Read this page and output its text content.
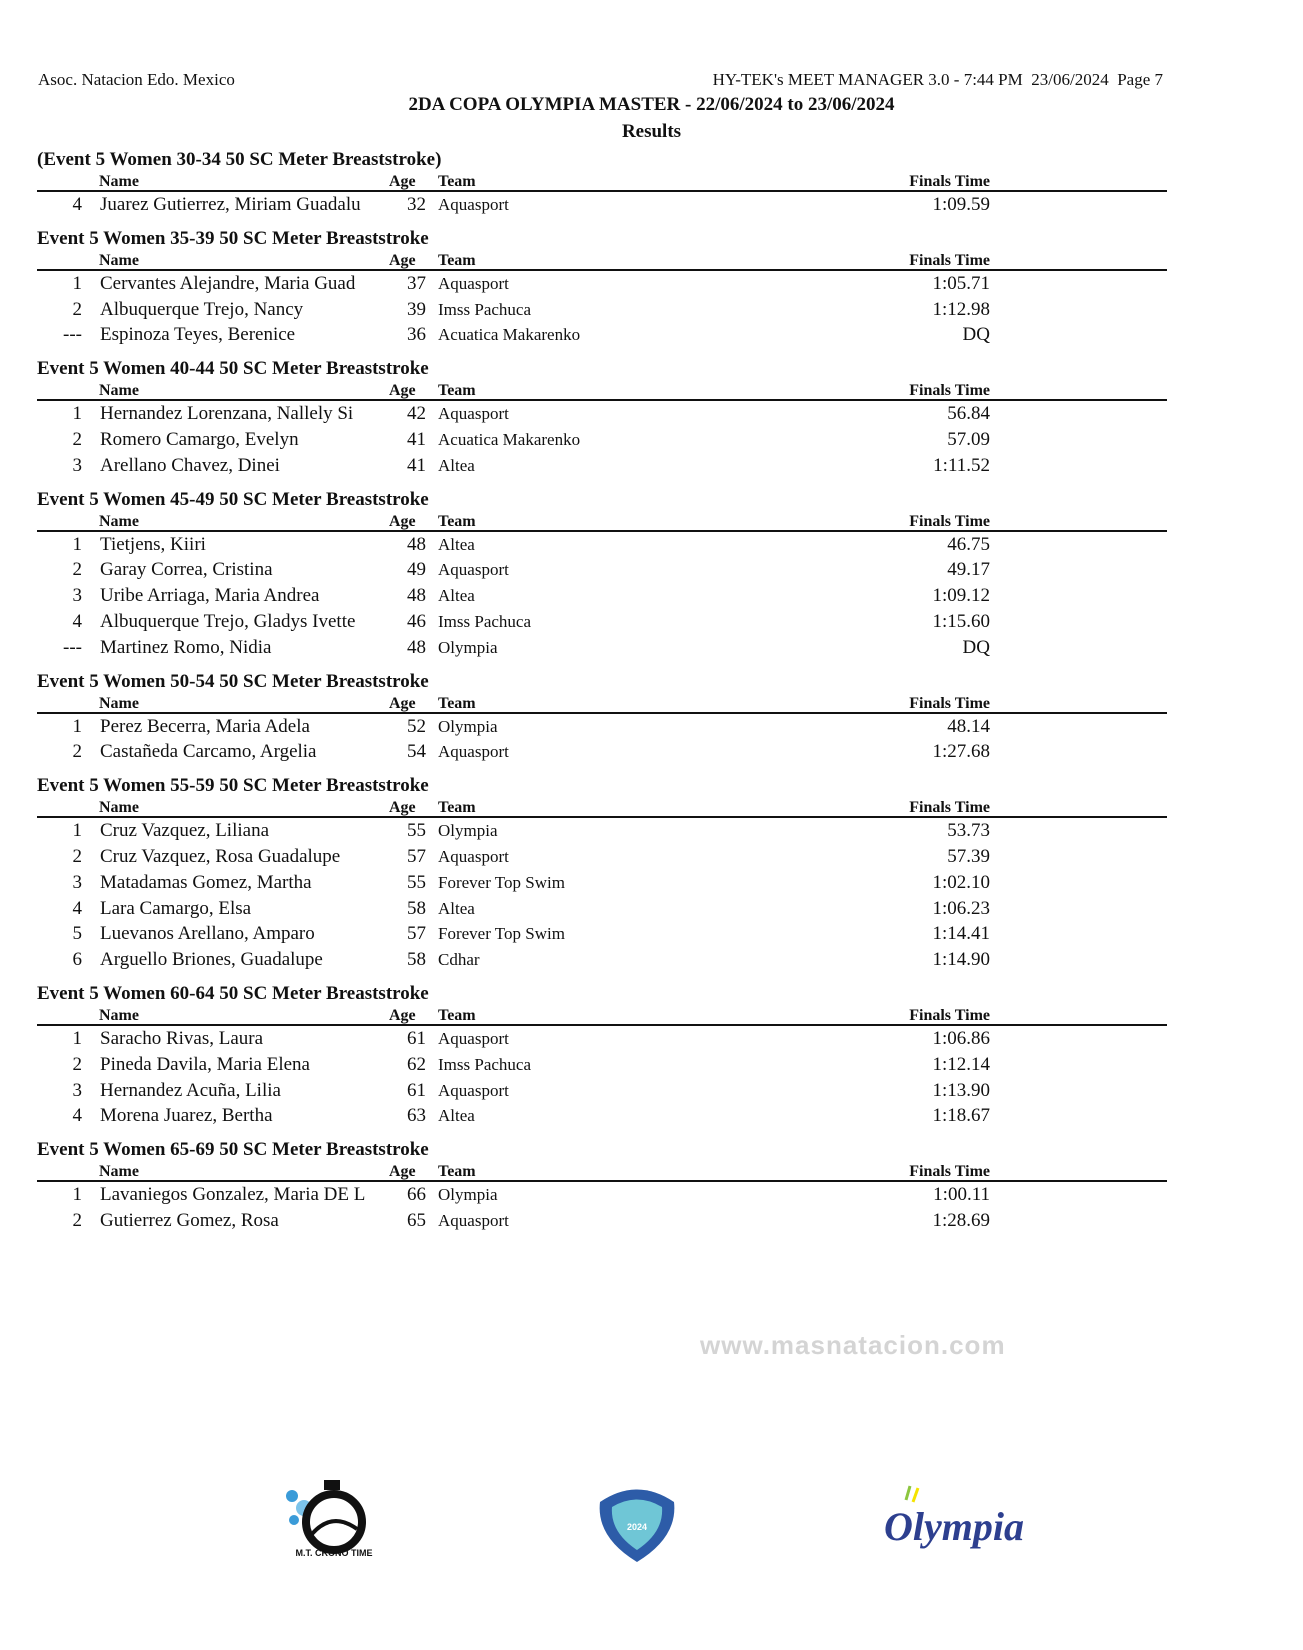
Asoc. Natacion Edo. Mexico	HY-TEK's MEET MANAGER 3.0 - 7:44 PM  23/06/2024  Page 7
2DA COPA OLYMPIA MASTER - 22/06/2024 to 23/06/2024
Results
(Event 5 Women 30-34 50 SC Meter Breaststroke)
Name	Age Team	Finals Time
4 Juarez Gutierrez, Miriam Guadalu	32 Aquasport	1:09.59
Event 5 Women 35-39 50 SC Meter Breaststroke
Name	Age Team	Finals Time
1 Cervantes Alejandre, Maria Guad	37 Aquasport	1:05.71
2 Albuquerque Trejo, Nancy	39 Imss Pachuca	1:12.98
--- Espinoza Teyes, Berenice	36 Acuatica Makarenko	DQ
Event 5 Women 40-44 50 SC Meter Breaststroke
Name	Age Team	Finals Time
1 Hernandez Lorenzana, Nallely Si	42 Aquasport	56.84
2 Romero Camargo, Evelyn	41 Acuatica Makarenko	57.09
3 Arellano Chavez, Dinei	41 Altea	1:11.52
Event 5 Women 45-49 50 SC Meter Breaststroke
Name	Age Team	Finals Time
1 Tietjens, Kiiri	48 Altea	46.75
2 Garay Correa, Cristina	49 Aquasport	49.17
3 Uribe Arriaga, Maria Andrea	48 Altea	1:09.12
4 Albuquerque Trejo, Gladys Ivette	46 Imss Pachuca	1:15.60
--- Martinez Romo, Nidia	48 Olympia	DQ
Event 5 Women 50-54 50 SC Meter Breaststroke
Name	Age Team	Finals Time
1 Perez Becerra, Maria Adela	52 Olympia	48.14
2 Castañeda Carcamo, Argelia	54 Aquasport	1:27.68
Event 5 Women 55-59 50 SC Meter Breaststroke
Name	Age Team	Finals Time
1 Cruz Vazquez, Liliana	55 Olympia	53.73
2 Cruz Vazquez, Rosa Guadalupe	57 Aquasport	57.39
3 Matadamas Gomez, Martha	55 Forever Top Swim	1:02.10
4 Lara Camargo, Elsa	58 Altea	1:06.23
5 Luevanos Arellano, Amparo	57 Forever Top Swim	1:14.41
6 Arguello Briones, Guadalupe	58 Cdhar	1:14.90
Event 5 Women 60-64 50 SC Meter Breaststroke
Name	Age Team	Finals Time
1 Saracho Rivas, Laura	61 Aquasport	1:06.86
2 Pineda Davila, Maria Elena	62 Imss Pachuca	1:12.14
3 Hernandez Acuña, Lilia	61 Aquasport	1:13.90
4 Morena Juarez, Bertha	63 Altea	1:18.67
Event 5 Women 65-69 50 SC Meter Breaststroke
Name	Age Team	Finals Time
1 Lavaniegos Gonzalez, Maria DE L	66 Olympia	1:00.11
2 Gutierrez Gomez, Rosa	65 Aquasport	1:28.69
www.masnatacion.com
M.T. CRONO TIME
2024	Olympia
